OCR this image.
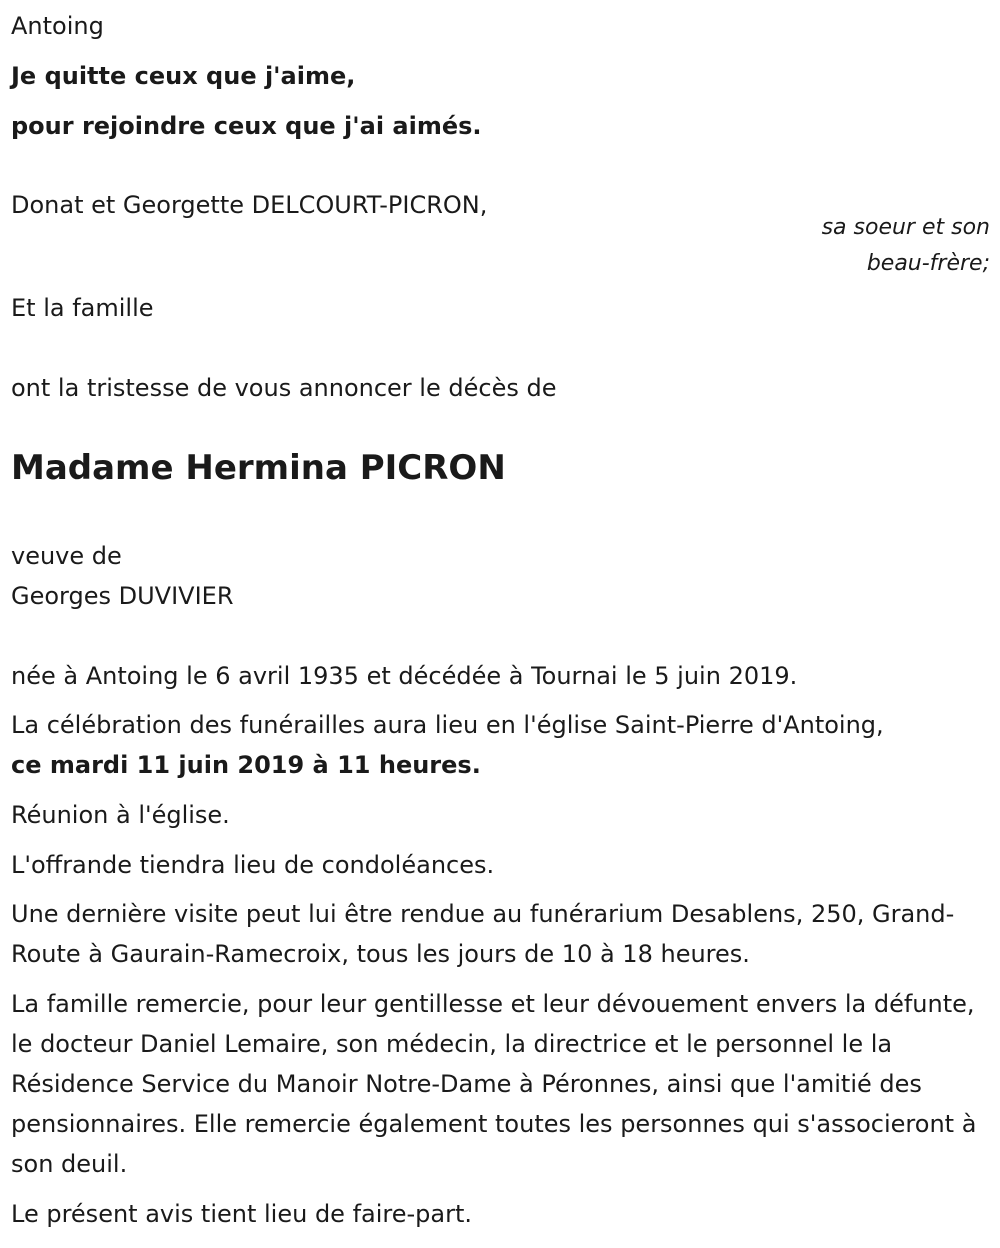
Antoing

Je quitte ceux que j'aime,

pour rejoindre ceux que j'ai aimés.

Donat et Georgette DELCOURT-PICRON,

sa soeur et son
beau-frère;

Et la famille

ont la tristesse de vous annoncer le décès de

Madame Hermina PICRON

veuve de

Georges DUVIVIER

née à Antoing le 6 avril 1935 et décédée à Tournai le 5 juin 2019.

La célébration des funérailles aura lieu en l'église Saint-Pierre d'Antoing,

ce mardi 11 juin 2019 à 11 heures.

Réunion à l'église.

L'offrande tiendra lieu de condoléances.

Une dernière visite peut lui être rendue au funérarium Desablens, 250, Grand-Route à Gaurain-Ramecroix, tous les jours de 10 à 18 heures.

La famille remercie, pour leur gentillesse et leur dévouement envers la défunte, le docteur Daniel Lemaire, son médecin, la directrice et le personnel le la Résidence Service du Manoir Notre-Dame à Péronnes, ainsi que l'amitié des pensionnaires. Elle remercie également toutes les personnes qui s'associeront à son deuil.

Le présent avis tient lieu de faire-part.
